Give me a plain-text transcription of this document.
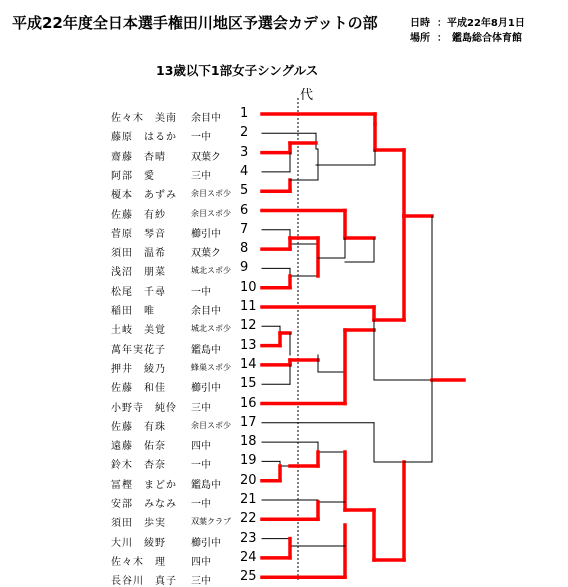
平成22年度全日本選手権田川地区予選会カデットの部	日時 ：平成22年8月1日
場所 ：　鑑島総合体育館
13歳以下1部女子シングルス
代
佐々木　美南 余目中 1
藤原　はるか 一中 2
齋藤　杏晴	双葉ク 3
阿部　愛	三中 4
榎本　あずみ 余目スポ少 5
佐藤　有紗	余目スポ少 6
菅原　琴音	櫛引中 7
須田　温希	双葉ク 8
浅沼　朋菜	城北スポ少 9
松尾　千尋	一中 10
稲田　唯	余目中 11
土岐　美覚	城北スポ少 12
萬年実花子	鑑島中 13
押井　綾乃	蜂巣スポ少 14
佐藤　和佳	櫛引中 15
小野寺　純伶 三中 16
佐藤　有珠	余目スポ少 17
遠藤　佑奈	四中 18
鈴木　杏奈	一中 19
冨樫　まどか 鑑島中 20
安部　みなみ 一中 21
須田　歩実	双葉クラブ 22
大川　綾野	櫛引中 23
佐々木　理	四中 24
長谷川　真子 三中 25
